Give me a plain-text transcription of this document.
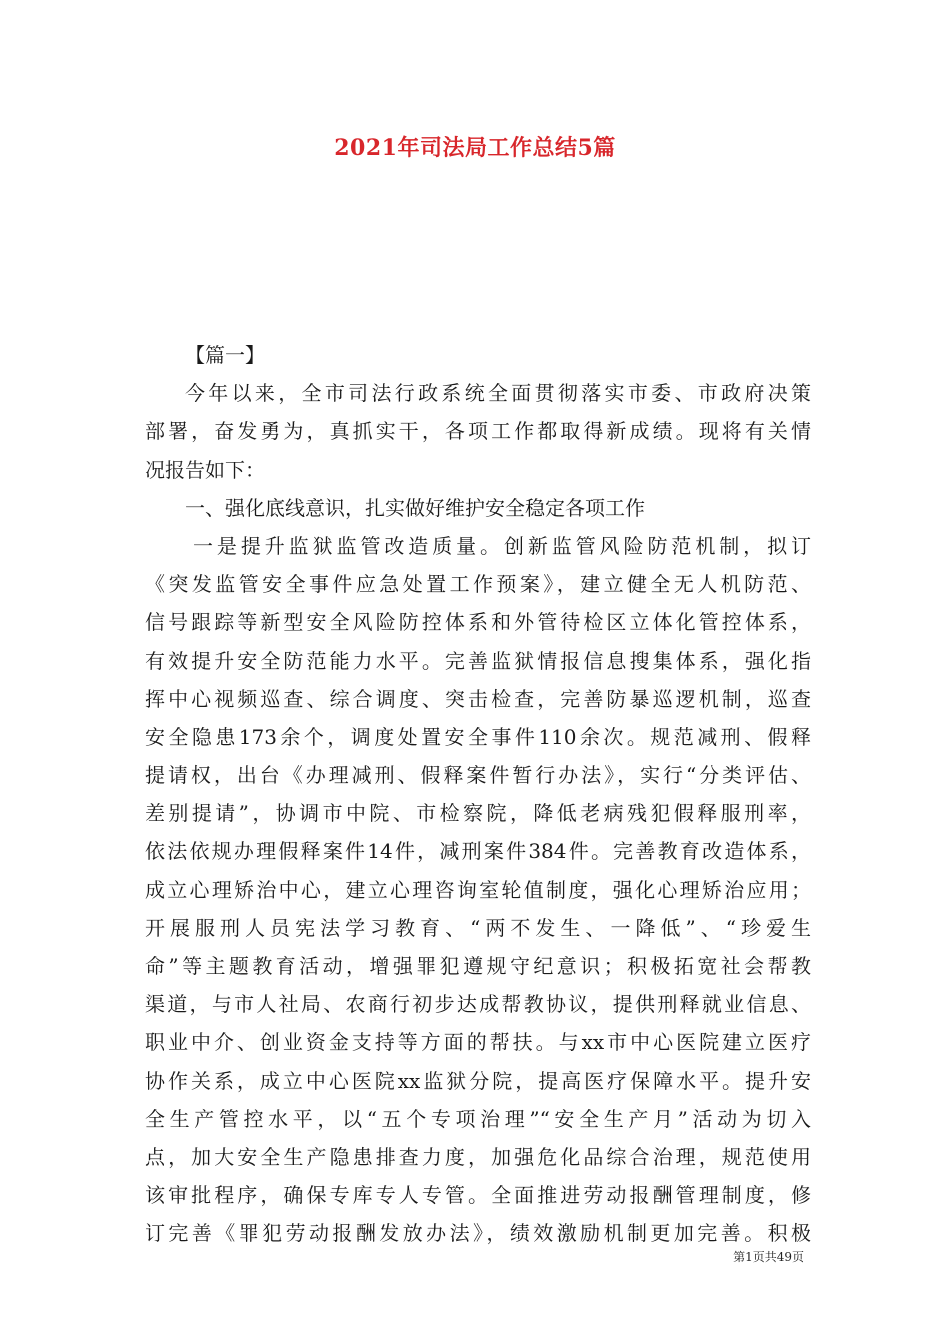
2021年司法局工作总结5篇
【篇一】
今年以来，全市司法行政系统全面贯彻落实市委、市政府决策
部署，奋发勇为，真抓实干，各项工作都取得新成绩。现将有关情
况报告如下：
一、强化底线意识，扎实做好维护安全稳定各项工作
一是提升监狱监管改造质量。创新监管风险防范机制，拟订
《突发监管安全事件应急处置工作预案》，建立健全无人机防范、
信号跟踪等新型安全风险防控体系和外管待检区立体化管控体系，
有效提升安全防范能力水平。完善监狱情报信息搜集体系，强化指
挥中心视频巡查、综合调度、突击检查，完善防暴巡逻机制，巡查
安全隐患173余个，调度处置安全事件110余次。规范减刑、假释
提请权，出台《办理减刑、假释案件暂行办法》，实行“分类评估、
差别提请”，协调市中院、市检察院，降低老病残犯假释服刑率，
依法依规办理假释案件14件，减刑案件384件。完善教育改造体系，
成立心理矫治中心，建立心理咨询室轮值制度，强化心理矫治应用；
开展服刑人员宪法学习教育、“两不发生、一降低”、“珍爱生
命”等主题教育活动，增强罪犯遵规守纪意识；积极拓宽社会帮教
渠道，与市人社局、农商行初步达成帮教协议，提供刑释就业信息、
职业中介、创业资金支持等方面的帮扶。与xx市中心医院建立医疗
协作关系，成立中心医院xx监狱分院，提高医疗保障水平。提升安
全生产管控水平，以“五个专项治理”“安全生产月”活动为切入
点，加大安全生产隐患排查力度，加强危化品综合治理，规范使用
该审批程序，确保专库专人专管。全面推进劳动报酬管理制度，修
订完善《罪犯劳动报酬发放办法》，绩效激励机制更加完善。积极
第1页共49页
